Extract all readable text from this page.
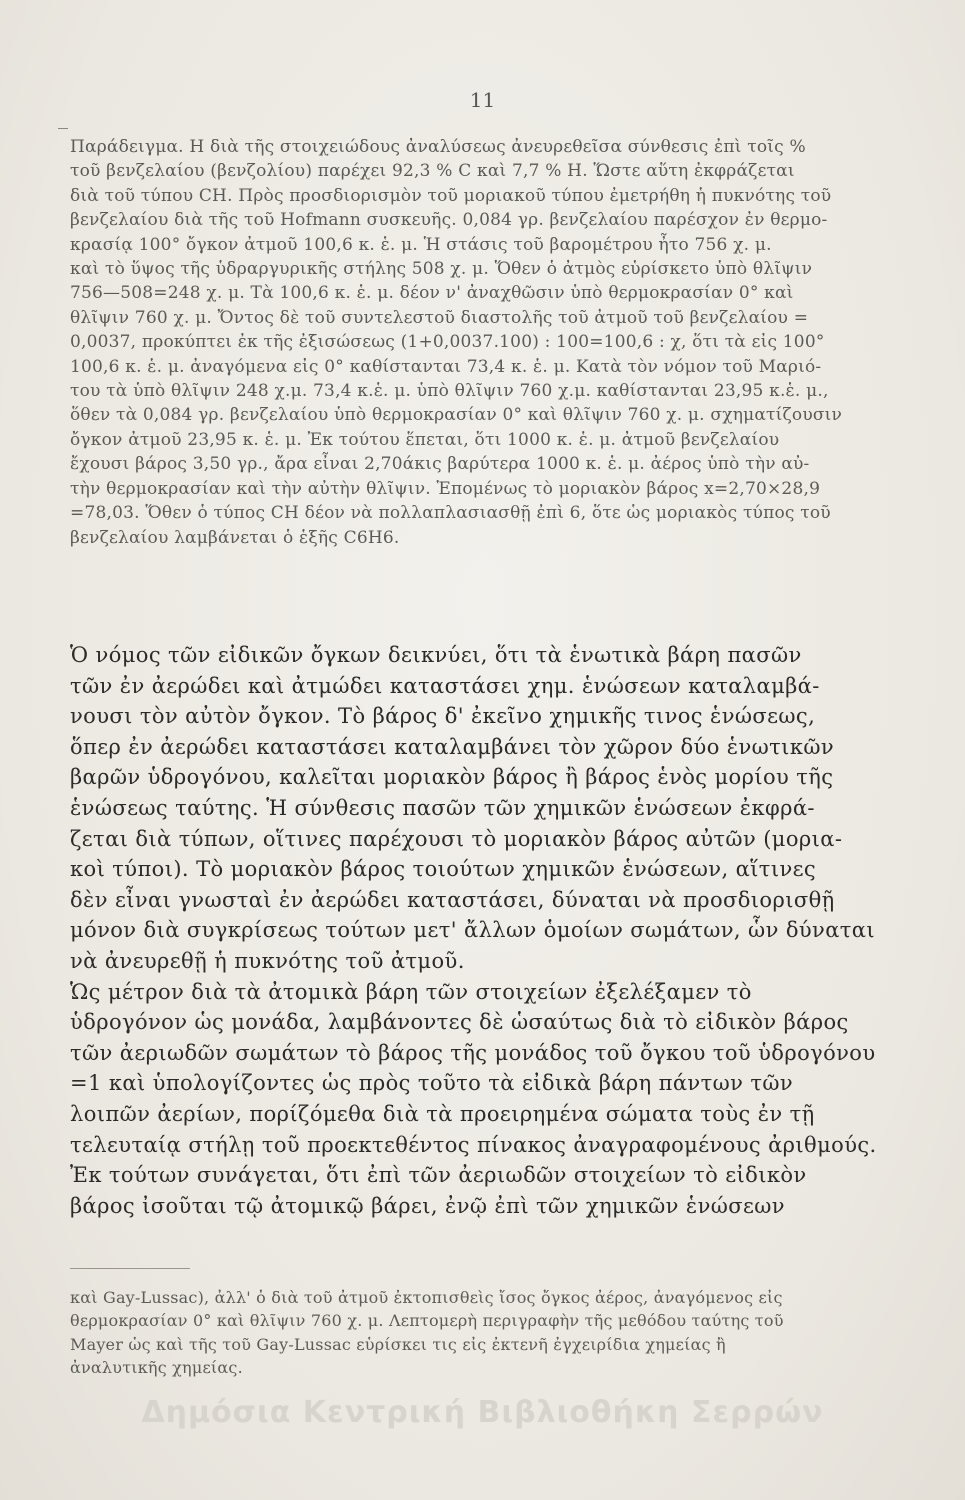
11
Παράδειγμα. Η διὰ τῆς στοιχειώδους ἀναλύσεως ἀνευρεθεῖσα σύνθεσις ἐπὶ τοῖς %
τοῦ βενζελαίου (βενζολίου) παρέχει 92,3 % C καὶ 7,7 % H. Ὥστε αὕτη ἐκφράζεται
διὰ τοῦ τύπου CH. Πρὸς προσδιορισμὸν τοῦ μοριακοῦ τύπου ἐμετρήθη ἡ πυκνότης τοῦ
βενζελαίου διὰ τῆς τοῦ Hofmann συσκευῆς. 0,084 γρ. βενζελαίου παρέσχον ἐν θερμο-
κρασίᾳ 100° ὄγκον ἀτμοῦ 100,6 κ. ἑ. μ. Ἡ στάσις τοῦ βαρομέτρου ἦτο 756 χ. μ.
καὶ τὸ ὕψος τῆς ὑδραργυρικῆς στήλης 508 χ. μ. Ὅθεν ὁ ἀτμὸς εὑρίσκετο ὑπὸ θλῖψιν
756—508=248 χ. μ. Τὰ 100,6 κ. ἑ. μ. δέον ν' ἀναχθῶσιν ὑπὸ θερμοκρασίαν 0° καὶ
θλῖψιν 760 χ. μ. Ὄντος δὲ τοῦ συντελεστοῦ διαστολῆς τοῦ ἀτμοῦ τοῦ βενζελαίου =
0,0037, προκύπτει ἐκ τῆς ἐξισώσεως (1+0,0037.100) : 100=100,6 : χ, ὅτι τὰ εἰς 100°
100,6 κ. ἑ. μ. ἀναγόμενα εἰς 0° καθίστανται 73,4 κ. ἑ. μ. Κατὰ τὸν νόμον τοῦ Μαριό-
του τὰ ὑπὸ θλῖψιν 248 χ.μ. 73,4 κ.ἑ. μ. ὑπὸ θλῖψιν 760 χ.μ. καθίστανται 23,95 κ.ἑ. μ.,
ὅθεν τὰ 0,084 γρ. βενζελαίου ὑπὸ θερμοκρασίαν 0° καὶ θλῖψιν 760 χ. μ. σχηματίζουσιν
ὄγκον ἀτμοῦ 23,95 κ. ἑ. μ. Ἐκ τούτου ἕπεται, ὅτι 1000 κ. ἑ. μ. ἀτμοῦ βενζελαίου
ἔχουσι βάρος 3,50 γρ., ἄρα εἶναι 2,70άκις βαρύτερα 1000 κ. ἑ. μ. ἀέρος ὑπὸ τὴν αὐ-
τὴν θερμοκρασίαν καὶ τὴν αὐτὴν θλῖψιν. Ἑπομένως τὸ μοριακὸν βάρος x=2,70×28,9
=78,03. Ὅθεν ὁ τύπος CH δέον νὰ πολλαπλασιασθῇ ἐπὶ 6, ὅτε ὡς μοριακὸς τύπος τοῦ
βενζελαίου λαμβάνεται ὁ ἑξῆς C6H6.
Ὁ νόμος τῶν εἰδικῶν ὄγκων δεικνύει, ὅτι τὰ ἑνωτικὰ βάρη πασῶν
τῶν ἐν ἀερώδει καὶ ἀτμώδει καταστάσει χημ. ἑνώσεων καταλαμβά-
νουσι τὸν αὐτὸν ὄγκον. Τὸ βάρος δ' ἐκεῖνο χημικῆς τινος ἑνώσεως,
ὅπερ ἐν ἀερώδει καταστάσει καταλαμβάνει τὸν χῶρον δύο ἑνωτικῶν
βαρῶν ὑδρογόνου, καλεῖται μοριακὸν βάρος ἢ βάρος ἑνὸς μορίου τῆς
ἑνώσεως ταύτης. Ἡ σύνθεσις πασῶν τῶν χημικῶν ἑνώσεων ἐκφρά-
ζεται διὰ τύπων, οἵτινες παρέχουσι τὸ μοριακὸν βάρος αὐτῶν (μορια-
κοὶ τύποι). Τὸ μοριακὸν βάρος τοιούτων χημικῶν ἑνώσεων, αἵτινες
δὲν εἶναι γνωσταὶ ἐν ἀερώδει καταστάσει, δύναται νὰ προσδιορισθῇ
μόνον διὰ συγκρίσεως τούτων μετ' ἄλλων ὁμοίων σωμάτων, ὧν δύναται
νὰ ἀνευρεθῇ ἡ πυκνότης τοῦ ἀτμοῦ.
Ὡς μέτρον διὰ τὰ ἀτομικὰ βάρη τῶν στοιχείων ἐξελέξαμεν τὸ
ὑδρογόνον ὡς μονάδα, λαμβάνοντες δὲ ὡσαύτως διὰ τὸ εἰδικὸν βάρος
τῶν ἀεριωδῶν σωμάτων τὸ βάρος τῆς μονάδος τοῦ ὄγκου τοῦ ὑδρογόνου
=1 καὶ ὑπολογίζοντες ὡς πρὸς τοῦτο τὰ εἰδικὰ βάρη πάντων τῶν
λοιπῶν ἀερίων, πορίζόμεθα διὰ τὰ προειρημένα σώματα τοὺς ἐν τῇ
τελευταίᾳ στήλῃ τοῦ προεκτεθέντος πίνακος ἀναγραφομένους ἀριθμούς.
Ἐκ τούτων συνάγεται, ὅτι ἐπὶ τῶν ἀεριωδῶν στοιχείων τὸ εἰδικὸν
βάρος ἰσοῦται τῷ ἀτομικῷ βάρει, ἐνῷ ἐπὶ τῶν χημικῶν ἑνώσεων
καὶ Gay-Lussac), ἀλλ' ὁ διὰ τοῦ ἀτμοῦ ἐκτοπισθεὶς ἴσος ὄγκος ἀέρος, ἀναγόμενος εἰς
θερμοκρασίαν 0° καὶ θλῖψιν 760 χ. μ. Λεπτομερὴ περιγραφὴν τῆς μεθόδου ταύτης τοῦ
Mayer ὡς καὶ τῆς τοῦ Gay-Lussac εὑρίσκει τις εἰς ἐκτενῆ ἐγχειρίδια χημείας ἢ
ἀναλυτικῆς χημείας.
Δημόσια Κεντρική Βιβλιοθήκη Σερρών
